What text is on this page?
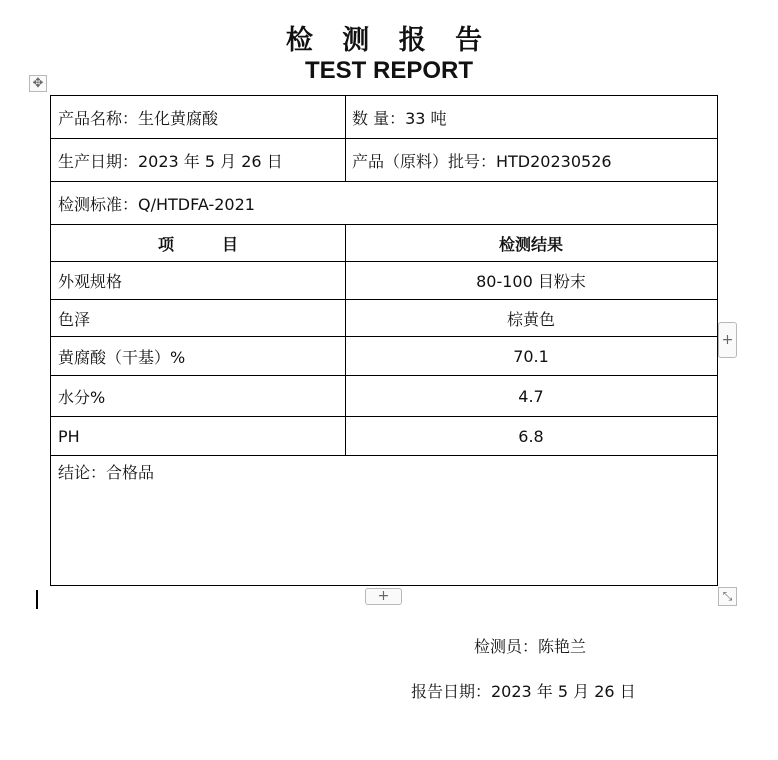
检 测 报 告
TEST REPORT
✥
产品名称：生化黄腐酸	数 量：33 吨
生产日期：2023 年 5 月 26 日	产品（原料）批号：HTD20230526
检测标准：Q/HTDFA-2021
项　　　目	检测结果
外观规格	80-100 目粉末
色泽	棕黄色
黄腐酸（干基）%	70.1
水分%	4.7
PH	6.8
结论：合格品
+
+	⤡
检测员：陈艳兰
报告日期：2023 年 5 月 26 日
